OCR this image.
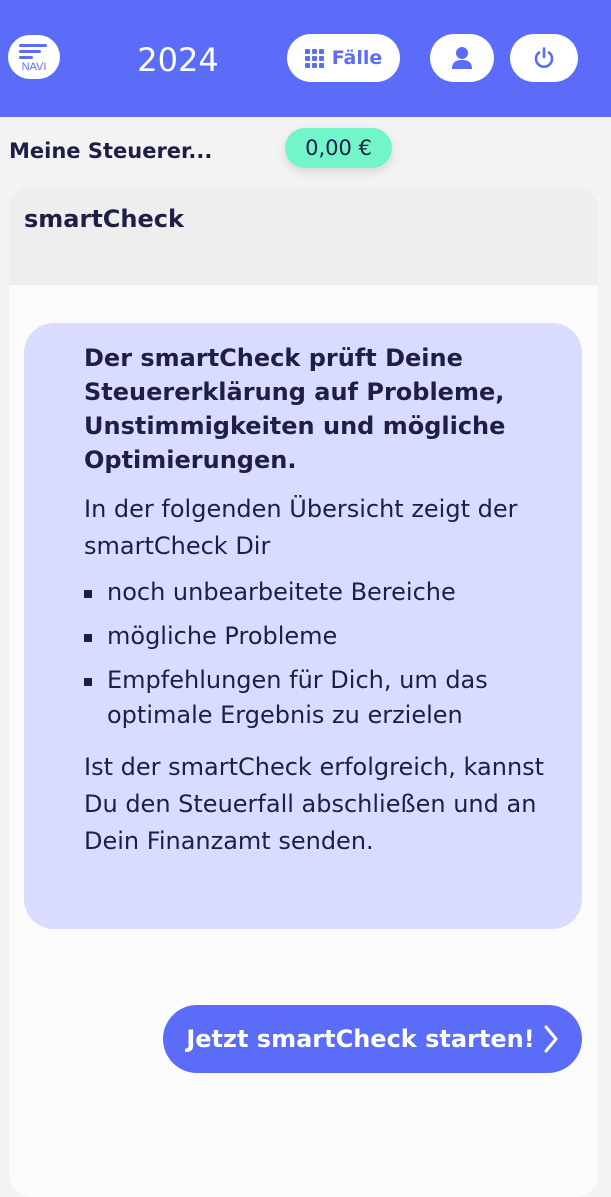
NAVI	2024	Fälle
Meine Steuerer...	0,00 €
smartCheck
Der smartCheck prüft Deine Steuererklärung auf Probleme, Unstimmigkeiten und mögliche Optimierungen.
In der folgenden Übersicht zeigt der smartCheck Dir
noch unbearbeitete Bereiche
mögliche Probleme
Empfehlungen für Dich, um das optimale Ergebnis zu erzielen
Ist der smartCheck erfolgreich, kannst Du den Steuerfall abschließen und an Dein Finanzamt senden.
Jetzt smartCheck starten!
